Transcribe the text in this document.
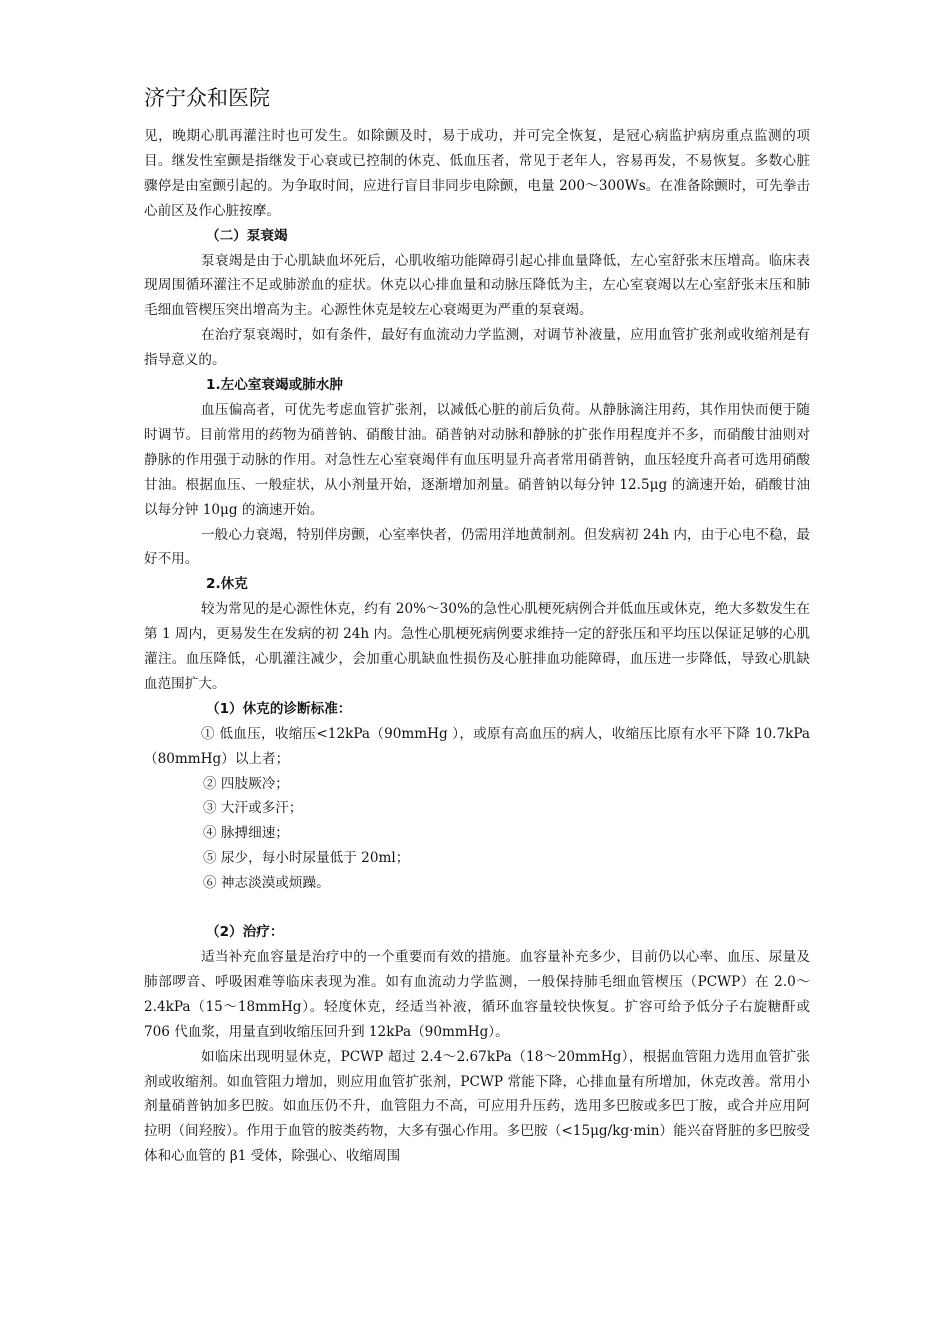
济宁众和医院

见，晚期心肌再灌注时也可发生。如除颤及时，易于成功，并可完全恢复，是冠心病监护病房重点监测的项目。继发性室颤是指继发于心衰或已控制的休克、低血压者，常见于老年人，容易再发，不易恢复。多数心脏骤停是由室颤引起的。为争取时间，应进行盲目非同步电除颤，电量 200～300Ws。在准备除颤时，可先拳击心前区及作心脏按摩。

（二）泵衰竭

泵衰竭是由于心肌缺血坏死后，心肌收缩功能障碍引起心排血量降低，左心室舒张末压增高。临床表现周围循环灌注不足或肺淤血的症状。休克以心排血量和动脉压降低为主，左心室衰竭以左心室舒张末压和肺毛细血管楔压突出增高为主。心源性休克是较左心衰竭更为严重的泵衰竭。

在治疗泵衰竭时，如有条件，最好有血流动力学监测，对调节补液量，应用血管扩张剂或收缩剂是有指导意义的。

1.左心室衰竭或肺水肿

血压偏高者，可优先考虑血管扩张剂，以减低心脏的前后负荷。从静脉滴注用药，其作用快而便于随时调节。目前常用的药物为硝普钠、硝酸甘油。硝普钠对动脉和静脉的扩张作用程度并不多，而硝酸甘油则对静脉的作用强于动脉的作用。对急性左心室衰竭伴有血压明显升高者常用硝普钠，血压轻度升高者可选用硝酸甘油。根据血压、一般症状，从小剂量开始，逐渐增加剂量。硝普钠以每分钟 12.5μg 的滴速开始，硝酸甘油以每分钟 10μg 的滴速开始。

一般心力衰竭，特别伴房颤，心室率快者，仍需用洋地黄制剂。但发病初 24h 内，由于心电不稳，最好不用。

2.休克

较为常见的是心源性休克，约有 20%～30%的急性心肌梗死病例合并低血压或休克，绝大多数发生在第 1 周内，更易发生在发病的初 24h 内。急性心肌梗死病例要求维持一定的舒张压和平均压以保证足够的心肌灌注。血压降低，心肌灌注减少，会加重心肌缺血性损伤及心脏排血功能障碍，血压进一步降低，导致心肌缺血范围扩大。

（1）休克的诊断标准：

① 低血压，收缩压<12kPa（90mmHg ），或原有高血压的病人，收缩压比原有水平下降 10.7kPa（80mmHg）以上者；

② 四肢厥冷；

③ 大汗或多汗；

④ 脉搏细速；

⑤ 尿少，每小时尿量低于 20ml；

⑥ 神志淡漠或烦躁。

（2）治疗：

适当补充血容量是治疗中的一个重要而有效的措施。血容量补充多少，目前仍以心率、血压、尿量及肺部啰音、呼吸困难等临床表现为准。如有血流动力学监测，一般保持肺毛细血管楔压（PCWP）在 2.0～2.4kPa（15～18mmHg）。轻度休克，经适当补液，循环血容量较快恢复。扩容可给予低分子右旋糖酐或 706 代血浆，用量直到收缩压回升到 12kPa（90mmHg）。

如临床出现明显休克，PCWP 超过 2.4～2.67kPa（18～20mmHg），根据血管阻力选用血管扩张剂或收缩剂。如血管阻力增加，则应用血管扩张剂，PCWP 常能下降，心排血量有所增加，休克改善。常用小剂量硝普钠加多巴胺。如血压仍不升，血管阻力不高，可应用升压药，选用多巴胺或多巴丁胺，或合并应用阿拉明（间羟胺）。作用于血管的胺类药物，大多有强心作用。多巴胺（<15μg/kg·min）能兴奋肾脏的多巴胺受体和心血管的 β1 受体，除强心、收缩周围
